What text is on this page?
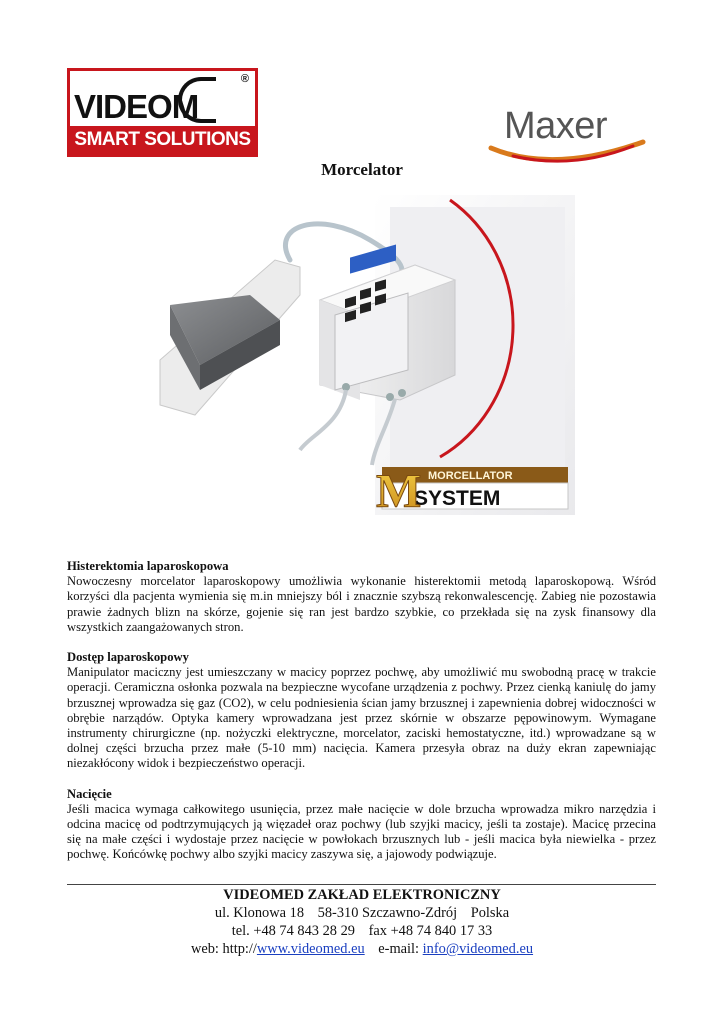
VIDEOM
®
SMART SOLUTIONS	Maxer
Morcelator
MORCELLATOR
SYSTEM
M
Histerektomia laparoskopowa

Nowoczesny morcelator laparoskopowy umożliwia wykonanie histerektomii metodą laparoskopową. Wśród korzyści dla pacjenta wymienia się m.in mniejszy ból i znacznie szybszą rekonwalescencję. Zabieg nie pozostawia prawie żadnych blizn na skórze, gojenie się ran jest bardzo szybkie, co przekłada się na zysk finansowy dla wszystkich zaangażowanych stron.

Dostęp laparoskopowy

Manipulator maciczny jest umieszczany w macicy poprzez pochwę, aby umożliwić mu swobodną pracę w trakcie operacji. Ceramiczna osłonka pozwala na bezpieczne wycofane urządzenia z pochwy. Przez cienką kaniulę do jamy brzusznej wprowadza się gaz (CO2), w celu podniesienia ścian jamy brzusznej i zapewnienia dobrej widoczności w obrębie narządów. Optyka kamery wprowadzana jest przez skórnie w obszarze pępowinowym. Wymagane instrumenty chirurgiczne (np. nożyczki elektryczne, morcelator, zaciski hemostatyczne, itd.) wprowadzane są w dolnej części brzucha przez małe (5-10 mm) nacięcia. Kamera przesyła obraz na duży ekran zapewniając niezakłócony widok i bezpieczeństwo operacji.

Nacięcie

Jeśli macica wymaga całkowitego usunięcia, przez małe nacięcie w dole brzucha wprowadza mikro narzędzia i odcina macicę od podtrzymujących ją więzadeł oraz pochwy (lub szyjki macicy, jeśli ta zostaje). Macicę przecina się na małe części i wydostaje przez nacięcie w powłokach brzusznych lub - jeśli macica była niewielka - przez pochwę. Końcówkę pochwy albo szyjki macicy zaszywa się, a jajowody podwiązuje.

VIDEOMED ZAKŁAD ELEKTRONICZNY
ul. Klonowa 18 58-310 Szczawno-Zdrój Polska
tel. +48 74 843 28 29 fax +48 74 840 17 33
web: http://www.videomed.eu e-mail: info@videomed.eu
